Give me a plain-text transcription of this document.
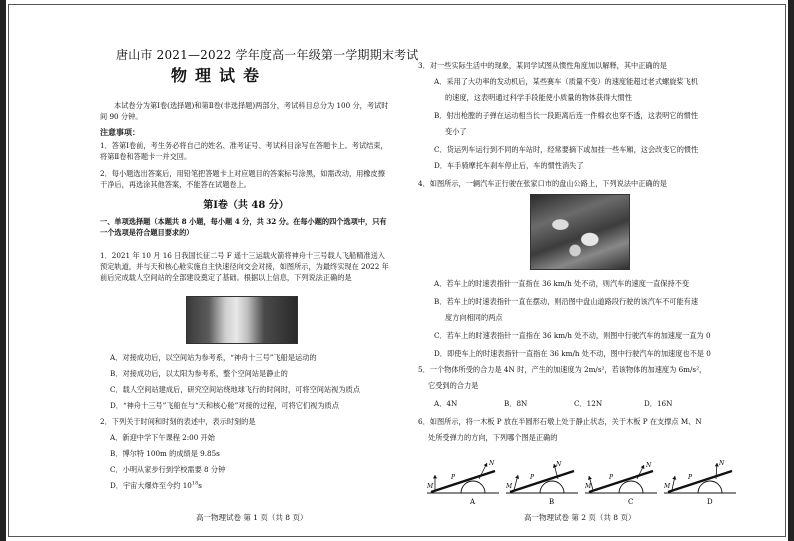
唐山市 2021—2022 学年度高一年级第一学期期末考试
物理试卷

本试卷分为第Ⅰ卷(选择题)和第Ⅱ卷(非选择题)两部分，考试科目总分为 100 分，考试时间 90 分钟。

注意事项：

1．答第Ⅰ卷前，考生务必将自己的姓名、准考证号、考试科目涂写在答题卡上。考试结束，将第Ⅱ卷和答题卡一并交回。

2．每小题选出答案后，用铅笔把答题卡上对应题目的答案标号涂黑，如需改动，用橡皮擦干净后，再选涂其他答案，不能答在试题卷上。

第Ⅰ卷（共 48 分）

一、单项选择题（本题共 8 小题，每小题 4 分，共 32 分。在每小题的四个选项中，只有一个选项是符合题目要求的）

1．2021 年 10 月 16 日我国长征二号 F 遥十三运载火箭将神舟十三号载人飞船精准送入预定轨道，并与天和核心舱实施自主快速径向交会对接，如图所示，为最终实现在 2022 年前后完成载人空间站的全部建设奠定了基础。根据以上信息，下列说法正确的是

A．对接成功后，以空间站为参考系，“神舟十三号”飞船是运动的

B．对接成功后，以太阳为参考系，整个空间站是静止的

C．载人空间站建成后，研究空间站绕地球飞行的时间时，可将空间站视为质点

D．“神舟十三号”飞船在与“天和核心舱”对接的过程，可将它们视为质点

2．下列关于时间和时刻的表述中，表示时刻的是

A．新迎中学下午课程 2:00 开始

B．博尔特 100m 的成绩是 9.85s

C．小明从家步行到学校需要 8 分钟

D．宇宙大爆炸至今约 $10^{18}s$

高一物理试卷 第 1 页（共 8 页）

3．对一些实际生活中的现象，某同学试图从惯性角度加以解释，其中正确的是

A．采用了大功率的发动机后，某些赛车（质量不变）的速度能超过老式螺旋桨飞机

的速度，这表明通过科学手段能使小质量的物体获得大惯性

B．射出枪膛的子弹在运动相当长一段距离后连一件棉衣也穿不透，这表明它的惯性

变小了

C．货运列车运行到不同的车站时，经常要摘下或加挂一些车厢，这会改变它的惯性

D．车手骑摩托车刹车停止后，车的惯性消失了

4．如图所示，一辆汽车正行驶在张家口市的盘山公路上，下列说法中正确的是

A．若车上的时速表指针一直指在 36 km/h 处不动，则汽车的速度一直保持不变

B．若车上的时速表指针一直在摆动，则沿图中盘山道路段行驶的该汽车不可能有速

度方向相同的两点

C．若车上的时速表指针一直指在 36 km/h 处不动，则图中行驶汽车的加速度一直为 0

D．即使车上的时速表指针一直指在 36 km/h 处不动，图中行驶汽车的加速度也不是 0

5．一个物体所受的合力是 4N 时，产生的加速度为 2m/s²，若该物体的加速度为 6m/s²，

它受到的合力是

A．4N	B．8N	C．12N	D．16N

6．如图所示，将一木板 P 放在半圆形石墩上处于静止状态，关于木板 P 在支撑点 M、N

处所受弹力的方向，下列哪个图是正确的

M
N
P
A
M
N
P
B
M
N
P
C
M
N
P
D
高一物理试卷 第 2 页（共 8 页）
